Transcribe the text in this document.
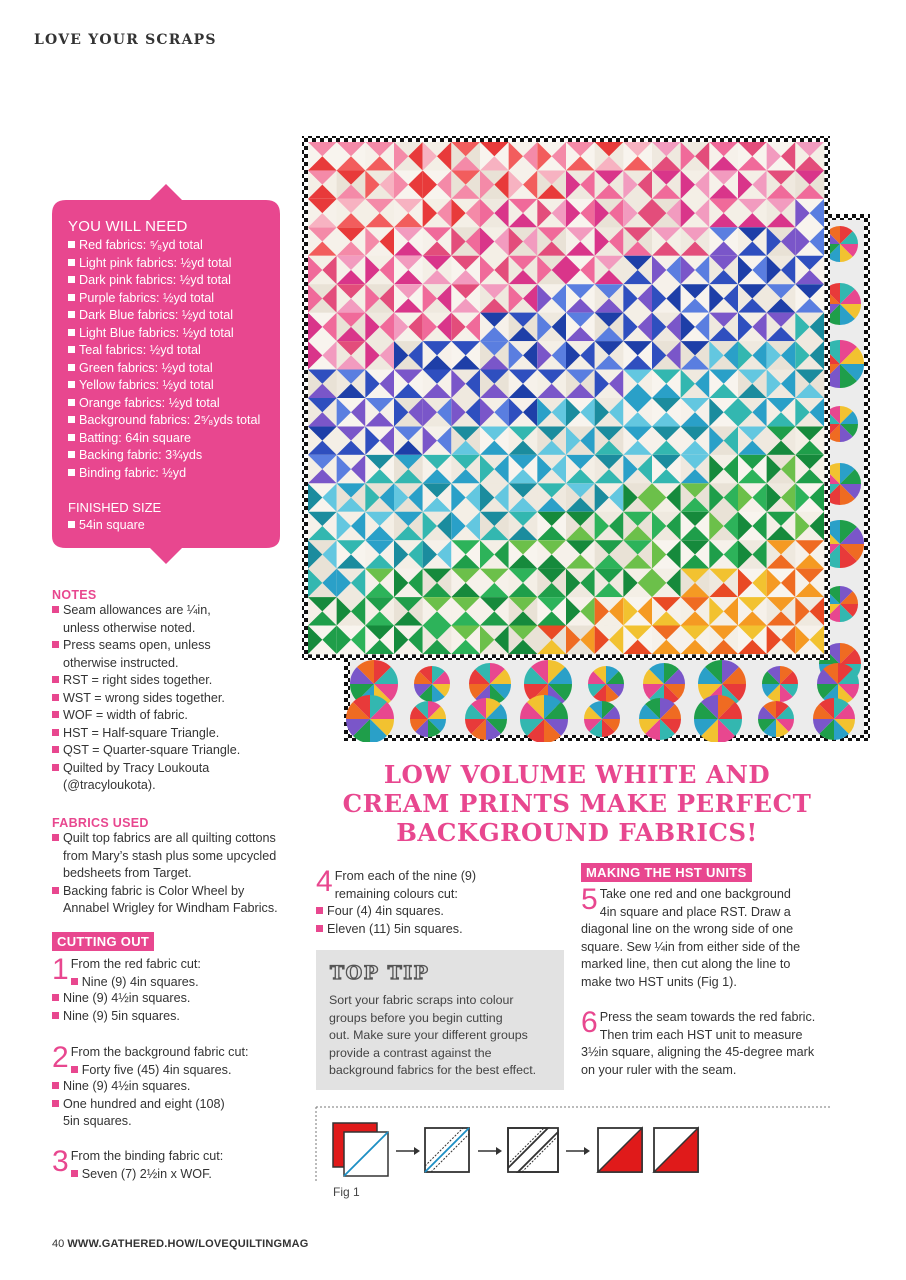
LOVE YOUR SCRAPS
YOU WILL NEED
Red fabrics: ⁵⁄₈yd total
Light pink fabrics: ½yd total
Dark pink fabrics: ½yd total
Purple fabrics: ½yd total
Dark Blue fabrics: ½yd total
Light Blue fabrics: ½yd total
Teal fabrics: ½yd total
Green fabrics: ½yd total
Yellow fabrics: ½yd total
Orange fabrics: ½yd total
Background fabrics: 2⁵⁄₈yds total
Batting: 64in square
Backing fabric: 3¾yds
Binding fabric: ½yd
FINISHED SIZE
54in square
NOTES
Seam allowances are ¼in,
unless otherwise noted.
Press seams open, unless
otherwise instructed.
RST = right sides together.
WST = wrong sides together.
WOF = width of fabric.
HST = Half-square Triangle.
QST = Quarter-square Triangle.
Quilted by Tracy Loukouta
(@tracyloukota).
FABRICS USED
Quilt top fabrics are all quilting cottons
from Mary’s stash plus some upcycled
bedsheets from Target.
Backing fabric is Color Wheel by
Annabel Wrigley for Windham Fabrics.
CUTTING OUT
1 From the red fabric cut:
Nine (9) 4in squares.
Nine (9) 4½in squares.
Nine (9) 5in squares.
2 From the background fabric cut:
Forty five (45) 4in squares.
Nine (9) 4½in squares.
One hundred and eight (108)
5in squares.
3 From the binding fabric cut:
Seven (7) 2½in x WOF.
LOW VOLUME WHITE AND
CREAM PRINTS MAKE PERFECT
BACKGROUND FABRICS!
4 From each of the nine (9)
remaining colours cut:
Four (4) 4in squares.
Eleven (11) 5in squares.
TOP TIP
Sort your fabric scraps into colour
groups before you begin cutting
out. Make sure your different groups
provide a contrast against the
background fabrics for the best effect.
MAKING THE HST UNITS
5 Take one red and one background
4in square and place RST. Draw a
diagonal line on the wrong side of one
square. Sew ¼in from either side of the
marked line, then cut along the line to
make two HST units (Fig 1).
6 Press the seam towards the red fabric.
Then trim each HST unit to measure
3½in square, aligning the 45-degree mark
on your ruler with the seam.
Fig 1
40 WWW.GATHERED.HOW/LOVEQUILTINGMAG
